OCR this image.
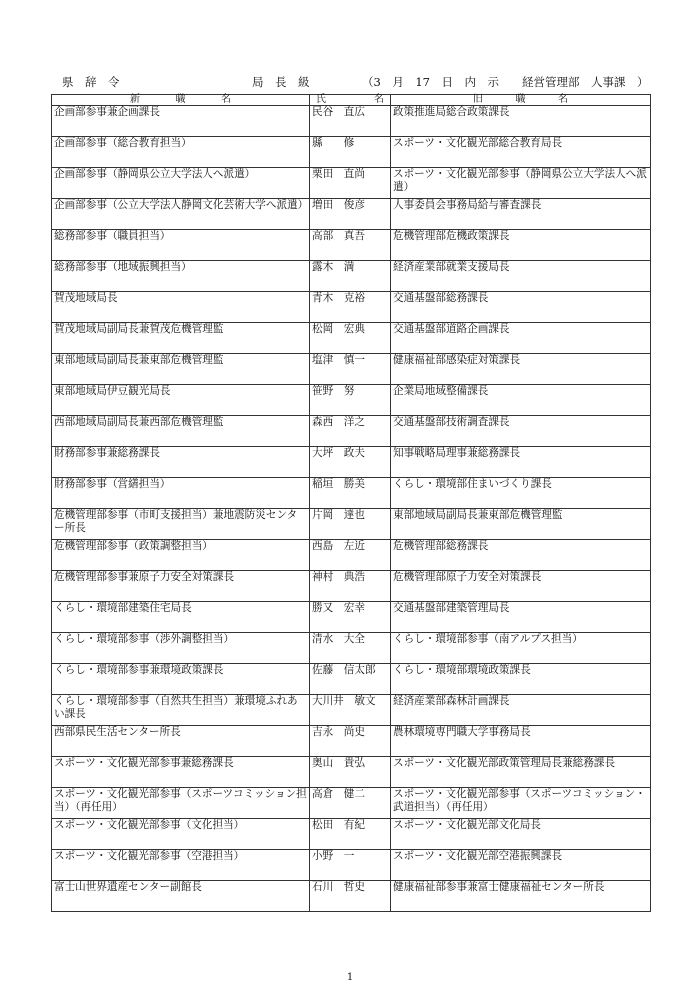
県　辞　令	局　長　級	（3　月　17　日　内　示　　経営管理部　人事課　）
新 職 名	氏 名	旧 職 名

企画部参事兼企画課長	民谷　直広	政策推進局総合政策課長
企画部参事（総合教育担当）	縣　　修	スポーツ・文化観光部総合教育局長
企画部参事（静岡県公立大学法人へ派遣）	栗田　直尚	スポーツ・文化観光部参事（静岡県公立大学法人へ派遣）
企画部参事（公立大学法人静岡文化芸術大学へ派遣）	増田　俊彦	人事委員会事務局給与審査課長
総務部参事（職員担当）	高部　真吾	危機管理部危機政策課長
総務部参事（地域振興担当）	露木　満	経済産業部就業支援局長
賀茂地域局長	青木　克裕	交通基盤部総務課長
賀茂地域局副局長兼賀茂危機管理監	松岡　宏典	交通基盤部道路企画課長
東部地域局副局長兼東部危機管理監	塩津　慎一	健康福祉部感染症対策課長
東部地域局伊豆観光局長	笹野　努	企業局地域整備課長
西部地域局副局長兼西部危機管理監	森西　洋之	交通基盤部技術調査課長
財務部参事兼総務課長	大坪　政夫	知事戦略局理事兼総務課長
財務部参事（営繕担当）	稲垣　勝美	くらし・環境部住まいづくり課長
危機管理部参事（市町支援担当）兼地震防災センター所長	片岡　達也	東部地域局副局長兼東部危機管理監
危機管理部参事（政策調整担当）	西島　左近	危機管理部総務課長
危機管理部参事兼原子力安全対策課長	神村　典浩	危機管理部原子力安全対策課長
くらし・環境部建築住宅局長	勝又　宏幸	交通基盤部建築管理局長
くらし・環境部参事（渉外調整担当）	清水　大全	くらし・環境部参事（南アルプス担当）
くらし・環境部参事兼環境政策課長	佐藤　信太郎	くらし・環境部環境政策課長
くらし・環境部参事（自然共生担当）兼環境ふれあい課長	大川井　敏文	経済産業部森林計画課長
西部県民生活センター所長	吉永　尚史	農林環境専門職大学事務局長
スポーツ・文化観光部参事兼総務課長	奥山　貴弘	スポーツ・文化観光部政策管理局長兼総務課長
スポーツ・文化観光部参事（スポーツコミッション担当）（再任用）	高倉　健二	スポーツ・文化観光部参事（スポーツコミッション・武道担当）（再任用）
スポーツ・文化観光部参事（文化担当）	松田　有紀	スポーツ・文化観光部文化局長
スポーツ・文化観光部参事（空港担当）	小野　一	スポーツ・文化観光部空港振興課長
富士山世界遺産センター副館長	石川　哲史	健康福祉部参事兼富士健康福祉センター所長
1
